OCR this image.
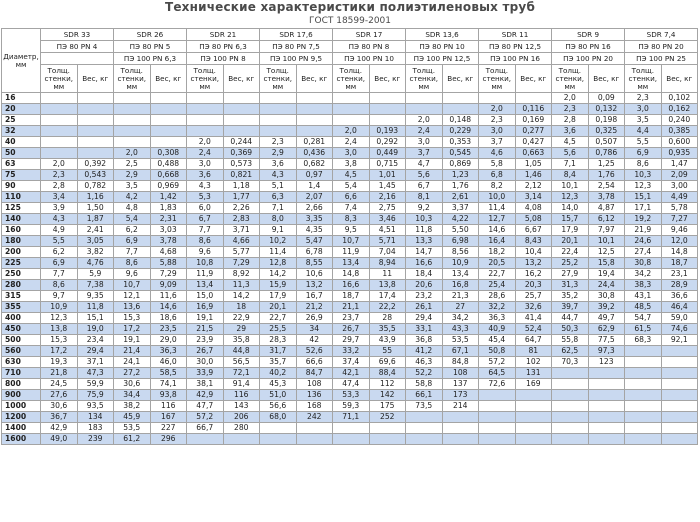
Технические характеристики полиэтиленовых труб
ГОСТ 18599-2001
Диаметр, мм	SDR 33		SDR 26		SDR 21		SDR 17,6		SDR 17		SDR 13,6		SDR 11		SDR 9		SDR 7,4	
	ПЭ 80 PN 4		ПЭ 80 PN 5		ПЭ 80 PN 6,3		ПЭ 80 PN 7,5		ПЭ 80 PN 8		ПЭ 80 PN 10		ПЭ 80 PN 12,5		ПЭ 80 PN 16		ПЭ 80 PN 20	
			ПЭ 100 PN 6,3		ПЭ 100 PN 8		ПЭ 100 PN 9,5		ПЭ 100 PN 10		ПЭ 100 PN 12,5		ПЭ 100 PN 16		ПЭ 100 PN 20		ПЭ 100 PN 25	
	Толщ. стенки, мм	Вес, кг	Толщ. стенки, мм	Вес, кг	Толщ. стенки, мм	Вес, кг	Толщ. стенки, мм	Вес, кг	Толщ. стенки, мм	Вес, кг	Толщ. стенки, мм	Вес, кг	Толщ. стенки, мм	Вес, кг	Толщ. стенки, мм	Вес, кг	Толщ. стенки, мм	Вес, кг
16															2,0	0,09	2,3	0,102
20													2,0	0,116	2,3	0,132	3,0	0,162
25											2,0	0,148	2,3	0,169	2,8	0,198	3,5	0,240
32									2,0	0,193	2,4	0,229	3,0	0,277	3,6	0,325	4,4	0,385
40					2,0	0,244	2,3	0,281	2,4	0,292	3,0	0,353	3,7	0,427	4,5	0,507	5,5	0,600
50			2,0	0,308	2,4	0,369	2,9	0,436	3,0	0,449	3,7	0,545	4,6	0,663	5,6	0,786	6,9	0,935
63	2,0	0,392	2,5	0,488	3,0	0,573	3,6	0,682	3,8	0,715	4,7	0,869	5,8	1,05	7,1	1,25	8,6	1,47
75	2,3	0,543	2,9	0,668	3,6	0,821	4,3	0,97	4,5	1,01	5,6	1,23	6,8	1,46	8,4	1,76	10,3	2,09
90	2,8	0,782	3,5	0,969	4,3	1,18	5,1	1,4	5,4	1,45	6,7	1,76	8,2	2,12	10,1	2,54	12,3	3,00
110	3,4	1,16	4,2	1,42	5,3	1,77	6,3	2,07	6,6	2,16	8,1	2,61	10,0	3,14	12,3	3,78	15,1	4,49
125	3,9	1,50	4,8	1,83	6,0	2,26	7,1	2,66	7,4	2,75	9,2	3,37	11,4	4,08	14,0	4,87	17,1	5,78
140	4,3	1,87	5,4	2,31	6,7	2,83	8,0	3,35	8,3	3,46	10,3	4,22	12,7	5,08	15,7	6,12	19,2	7,27
160	4,9	2,41	6,2	3,03	7,7	3,71	9,1	4,35	9,5	4,51	11,8	5,50	14,6	6,67	17,9	7,97	21,9	9,46
180	5,5	3,05	6,9	3,78	8,6	4,66	10,2	5,47	10,7	5,71	13,3	6,98	16,4	8,43	20,1	10,1	24,6	12,0
200	6,2	3,82	7,7	4,68	9,6	5,77	11,4	6,78	11,9	7,04	14,7	8,56	18,2	10,4	22,4	12,5	27,4	14,8
225	6,9	4,76	8,6	5,88	10,8	7,29	12,8	8,55	13,4	8,94	16,6	10,9	20,5	13,2	25,2	15,8	30,8	18,7
250	7,7	5,9	9,6	7,29	11,9	8,92	14,2	10,6	14,8	11	18,4	13,4	22,7	16,2	27,9	19,4	34,2	23,1
280	8,6	7,38	10,7	9,09	13,4	11,3	15,9	13,2	16,6	13,8	20,6	16,8	25,4	20,3	31,3	24,4	38,3	28,9
315	9,7	9,35	12,1	11,6	15,0	14,2	17,9	16,7	18,7	17,4	23,2	21,3	28,6	25,7	35,2	30,8	43,1	36,6
355	10,9	11,8	13,6	14,6	16,9	18	20,1	21,2	21,1	22,2	26,1	27	32,2	32,6	39,7	39,2	48,5	46,4
400	12,3	15,1	15,3	18,6	19,1	22,9	22,7	26,9	23,7	28	29,4	34,2	36,3	41,4	44,7	49,7	54,7	59,0
450	13,8	19,0	17,2	23,5	21,5	29	25,5	34	26,7	35,5	33,1	43,3	40,9	52,4	50,3	62,9	61,5	74,6
500	15,3	23,4	19,1	29,0	23,9	35,8	28,3	42	29,7	43,9	36,8	53,5	45,4	64,7	55,8	77,5	68,3	92,1
560	17,2	29,4	21,4	36,3	26,7	44,8	31,7	52,6	33,2	55	41,2	67,1	50,8	81	62,5	97,3		
630	19,3	37,1	24,1	46,0	30,0	56,5	35,7	66,6	37,4	69,6	46,3	84,8	57,2	102	70,3	123		
710	21,8	47,3	27,2	58,5	33,9	72,1	40,2	84,7	42,1	88,4	52,2	108	64,5	131				
800	24,5	59,9	30,6	74,1	38,1	91,4	45,3	108	47,4	112	58,8	137	72,6	169				
900	27,6	75,9	34,4	93,8	42,9	116	51,0	136	53,3	142	66,1	173						
1000	30,6	93,5	38,2	116	47,7	143	56,6	168	59,3	175	73,5	214						
1200	36,7	134	45,9	167	57,2	206	68,0	242	71,1	252								
1400	42,9	183	53,5	227	66,7	280												
1600	49,0	239	61,2	296														
